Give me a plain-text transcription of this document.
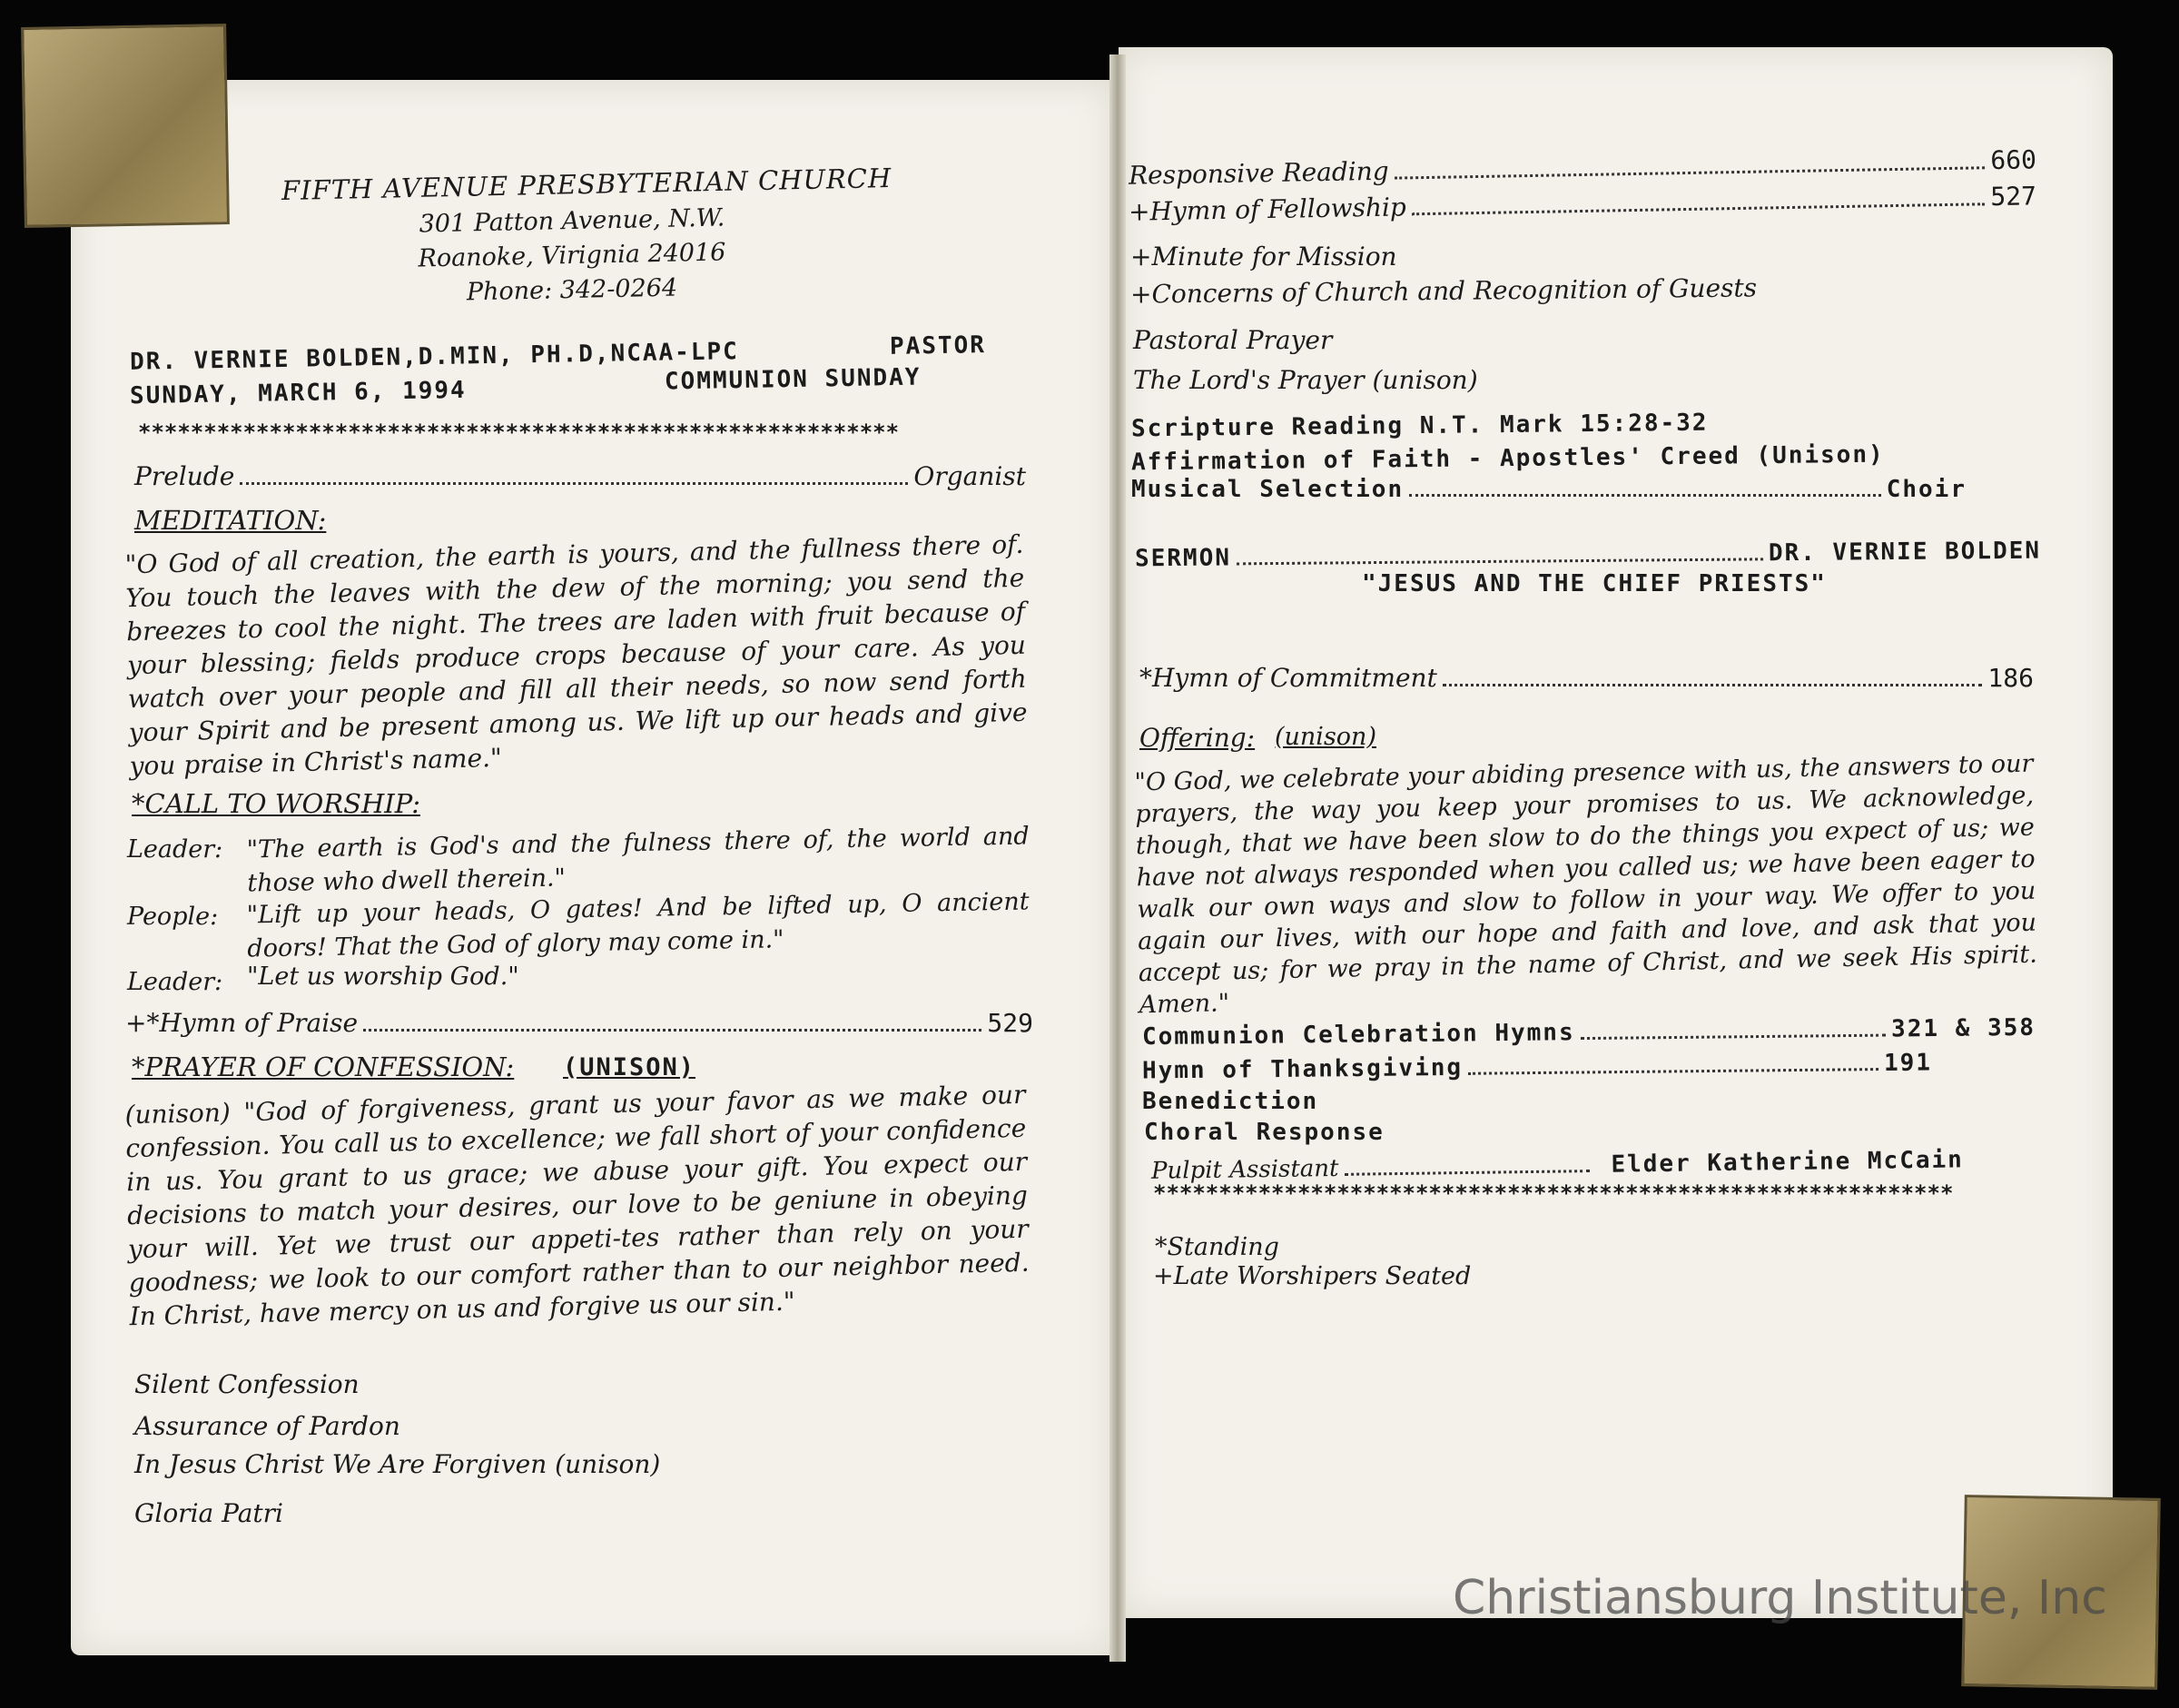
FIFTH AVENUE PRESBYTERIAN CHURCH
301 Patton Avenue, N.W.
Roanoke, Virignia 24016
Phone: 342-0264
DR. VERNIE BOLDEN,D.MIN, PH.D,NCAA-LPC	PASTOR
SUNDAY, MARCH 6, 1994	COMMUNION SUNDAY
**********************************************************
Prelude	Organist
MEDITATION:
"O God of all creation, the earth is yours, and the fullness there of. You touch the leaves with the dew of the morning; you send the breezes to cool the night. The trees are laden with fruit because of your blessing; fields produce crops because of your care. As you watch over your people and fill all their needs, so now send forth your Spirit and be present among us. We lift up our heads and give you praise in Christ's name."
*CALL TO WORSHIP:
Leader: "The earth is God's and the fulness there of, the world and those who dwell therein."
People: "Lift up your heads, O gates! And be lifted up, O ancient doors! That the God of glory may come in."
Leader: "Let us worship God."
+*Hymn of Praise	529
*PRAYER OF CONFESSION: (UNISON)
(unison) "God of forgiveness, grant us your favor as we make our confession. You call us to excellence; we fall short of your confidence in us. You grant to us grace; we abuse your gift. You expect our decisions to match your desires, our love to be geniune in obeying your will. Yet we trust our appeti-tes rather than rely on your goodness; we look to our comfort rather than to our neighbor need. In Christ, have mercy on us and forgive us our sin."
Silent Confession
Assurance of Pardon
In Jesus Christ We Are Forgiven (unison)
Gloria Patri
Responsive Reading	660
+Hymn of Fellowship	527
+Minute for Mission
+Concerns of Church and Recognition of Guests
Pastoral Prayer
The Lord's Prayer (unison)
Scripture Reading N.T. Mark 15:28-32
Affirmation of Faith - Apostles' Creed (Unison)
Musical Selection	Choir
SERMON	DR. VERNIE BOLDEN
"JESUS AND THE CHIEF PRIESTS"
*Hymn of Commitment	186
Offering: (unison)
"O God, we celebrate your abiding presence with us, the answers to our prayers, the way you keep your promises to us. We acknowledge, though, that we have been slow to do the things you expect of us; we have not always responded when you called us; we have been eager to walk our own ways and slow to follow in your way. We offer to you again our lives, with our hope and faith and love, and ask that you accept us; for we pray in the name of Christ, and we seek His spirit. Amen."
Communion Celebration Hymns	321 & 358
Hymn of Thanksgiving	191
Benediction
Choral Response
Pulpit Assistant	Elder Katherine McCain
*************************************************************
*Standing
+Late Worshipers Seated
Christiansburg Institute, Inc
